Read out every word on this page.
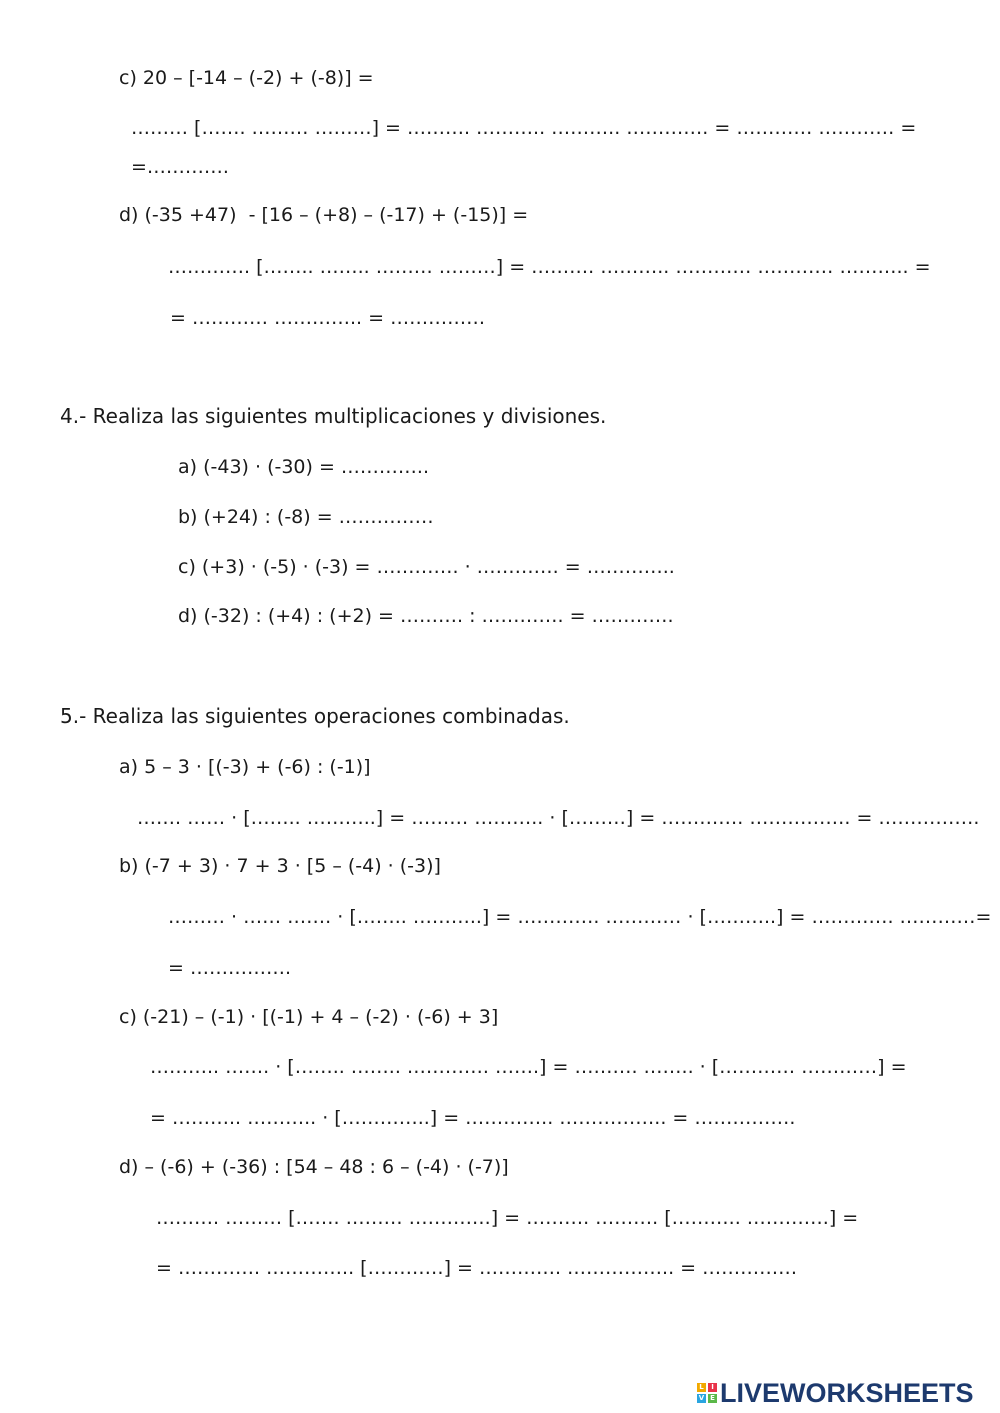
c) 20 – [-14 – (-2) + (-8)] =
……… [……. ……… ………] = ………. ……….. ……….. …………. = ………… ………… =
=………….
d) (-35 +47)  - [16 – (+8) – (-17) + (-15)] =
…………. […….. …….. ……… ………] = ………. ……….. ………… ………… ……….. =
= ………… ………….. = ……………
4.- Realiza las siguientes multiplicaciones y divisiones.
a) (-43) · (-30) = …………..
b) (+24) : (-8) = ……………
c) (+3) · (-5) · (-3) = …………. · …………. = …………..
d) (-32) : (+4) : (+2) = ………. : …………. = ………….
5.- Realiza las siguientes operaciones combinadas.
a) 5 – 3 · [(-3) + (-6) : (-1)]
……. …… · […….. ………..] = ……… ……….. · [………] = …………. ……………. = …………….
b) (-7 + 3) · 7 + 3 · [5 – (-4) · (-3)]
……… · …… ……. · […….. ………..] = …………. ………… · [………..] = …………. …………=
= …………….
c) (-21) – (-1) · [(-1) + 4 – (-2) · (-6) + 3]
……….. ……. · […….. …….. …………. …….] = ………. …….. · [………… …………] =
= ……….. ……….. · […………..] = ………….. …………….. = …………….
d) – (-6) + (-36) : [54 – 48 : 6 – (-4) · (-7)]
………. ……… [……. ……… ………….] = ………. ………. [……….. ………….] =
= …………. ………….. […………] = …………. …………….. = ……………
L	I
V E LIVEWORKSHEETS
